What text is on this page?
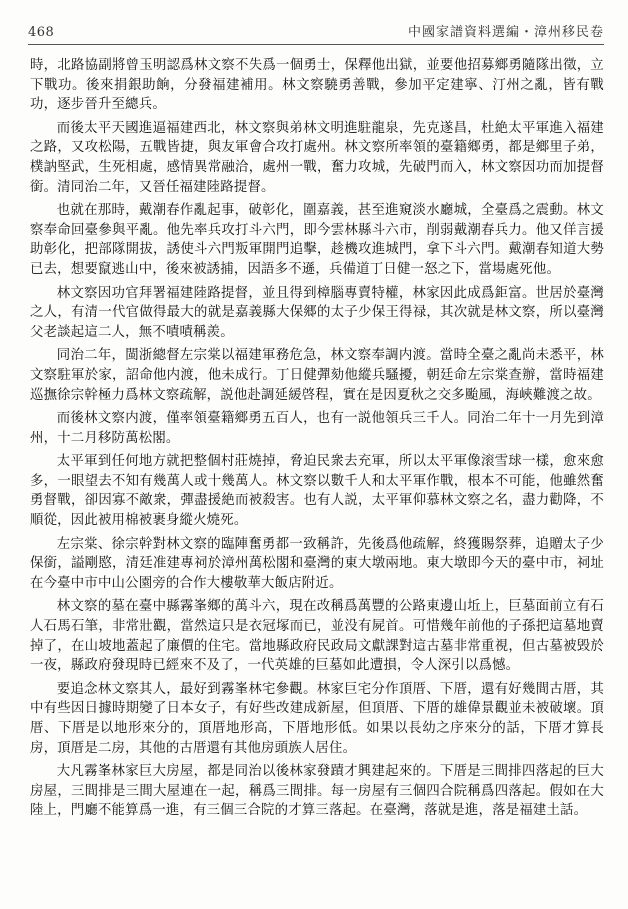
468	中國家譜資料選編・漳州移民卷

時，北路協副將曾玉明認爲林文察不失爲一個勇士，保釋他出獄，並要他招募鄉勇隨隊出徵，立下戰功。後來捐銀助餉，分發福建補用。林文察驍勇善戰，參加平定建寧、汀州之亂，皆有戰功，逐步晉升至總兵。

而後太平天國進逼福建西北，林文察與弟林文明進駐龍泉，先克遂昌，杜絶太平軍進入福建之路，又攻松陽，五戰皆捷，與友軍會合攻打處州。林文察所率領的臺籍鄉勇，都是鄉里子弟，樸訥堅武，生死相處，感情異常融洽，處州一戰，奮力攻城，先破門而入，林文察因功而加提督銜。清同治二年，又晉任福建陸路提督。

也就在那時，戴潮春作亂起事，破彰化，圍嘉義，甚至進窺淡水廳城，全臺爲之震動。林文察奉命回臺參與平亂。他先率兵攻打斗六門，即今雲林縣斗六市，削弱戴潮春兵力。他又佯言援助彰化，把部隊開拔，誘使斗六門叛軍開門追擊，趁機攻進城門，拿下斗六門。戴潮春知道大勢已去，想要竄逃山中，後來被誘捕，因語多不遜，兵備道丁日健一怒之下，當場處死他。

林文察因功官拜署福建陸路提督，並且得到樟腦專賣特權，林家因此成爲鉅富。世居於臺灣之人，有清一代官做得最大的就是嘉義縣大保郷的太子少保王得禄，其次就是林文察，所以臺灣父老談起這二人，無不嘖嘖稱羨。

同治二年，閩浙總督左宗棠以福建軍務危急，林文察奉調内渡。當時全臺之亂尚未悉平，林文察駐軍於家，詔命他内渡，他未成行。丁日健彈劾他縱兵騷擾，朝廷命左宗棠查辦，當時福建巡撫徐宗幹極力爲林文察疏解，説他赴調延緩啓程，實在是因夏秋之交多颱風，海峽難渡之故。

而後林文察内渡，僅率領臺籍鄉勇五百人，也有一説他領兵三千人。同治二年十一月先到漳州，十二月移防萬松閣。

太平軍到任何地方就把整個村莊燒掉，脅迫民衆去充軍，所以太平軍像滚雪球一樣，愈來愈多，一眼望去不知有幾萬人或十幾萬人。林文察以數千人和太平軍作戰，根本不可能，他雖然奮勇督戰，卻因寡不敵衆，彈盡援絶而被殺害。也有人説，太平軍仰慕林文察之名，盡力勸降，不順從，因此被用棉被裹身縱火燒死。

左宗棠、徐宗幹對林文察的臨陣奮勇都一致稱許，先後爲他疏解，終獲賜祭葬，追贈太子少保銜，謚剛愍，清廷准建專祠於漳州萬松閣和臺灣的東大墩兩地。東大墩即今天的臺中市，祠址在今臺中市中山公園旁的合作大樓敬華大飯店附近。

林文察的墓在臺中縣霧峯鄉的萬斗六，現在改稱爲萬豐的公路東邊山坵上，巨墓面前立有石人石馬石筆，非常壯觀，當然這只是衣冠塚而已，並没有屍首。可惜幾年前他的子孫把這墓地賣掉了，在山坡地蓋起了廉價的住宅。當地縣政府民政局文獻課對這古墓非常重視，但古墓被毁於一夜，縣政府發現時已經來不及了，一代英雄的巨墓如此遭損，令人深引以爲憾。

要追念林文察其人，最好到霧峯林宅參觀。林家巨宅分作頂厝、下厝，還有好幾間古厝，其中有些因日據時期變了日本女子，有好些改建成新屋，但頂厝、下厝的雄偉景觀並未被破壞。頂厝、下厝是以地形來分的，頂厝地形高，下厝地形低。如果以長幼之序來分的話，下厝才算長房，頂厝是二房，其他的古厝還有其他房頭族人居住。

大凡霧峯林家巨大房屋，都是同治以後林家發蹟才興建起來的。下厝是三間排四落起的巨大房屋，三間排是三間大屋連在一起，稱爲三間排。每一房屋有三個四合院稱爲四落起。假如在大陸上，門廳不能算爲一進，有三個三合院的才算三落起。在臺灣，落就是進，落是福建土話。
